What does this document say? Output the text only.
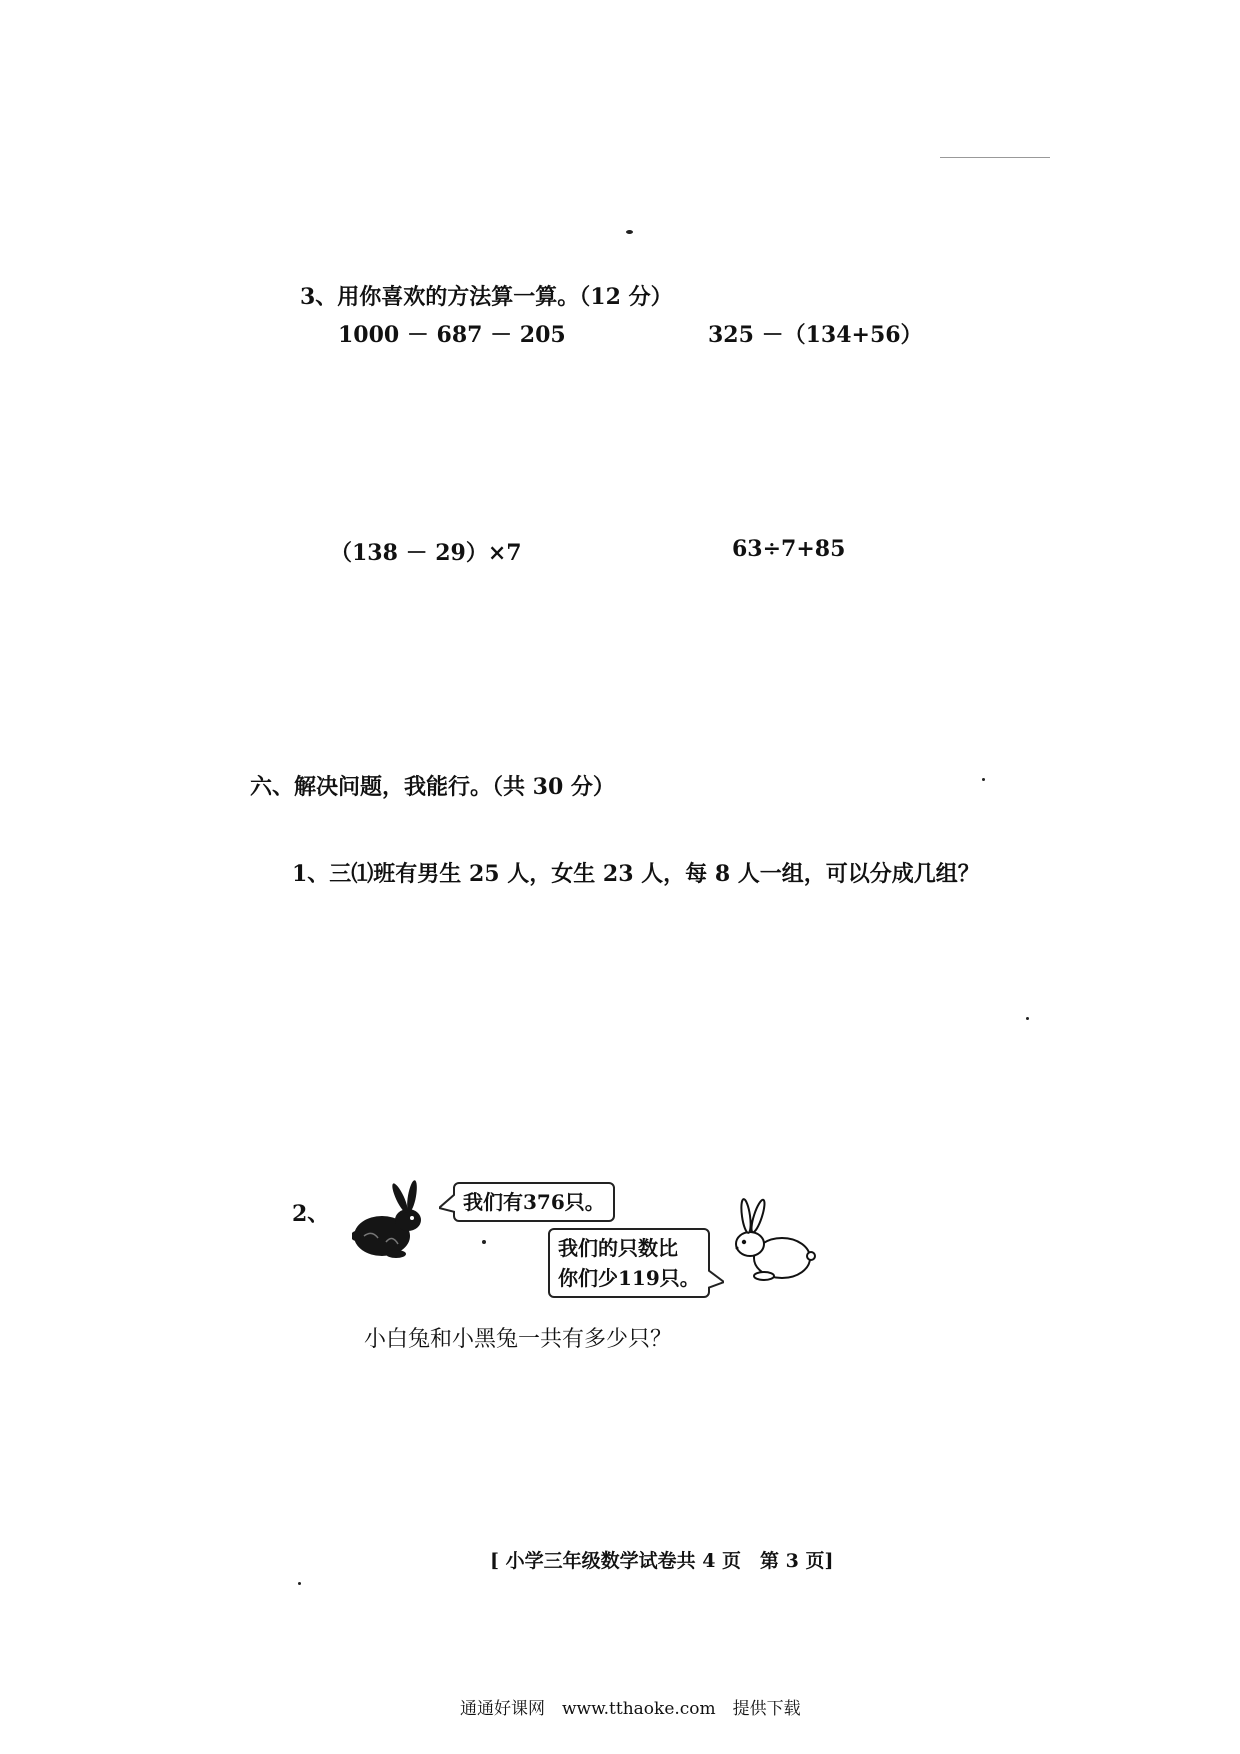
3、用你喜欢的方法算一算。（12 分）
1000 － 687 － 205	325 －（134+56）
（138 － 29）×7	63÷7+85
六、解决问题，我能行。（共 30 分）
1、三⑴班有男生 25 人，女生 23 人，每 8 人一组，可以分成几组？
2、	我们有376只。
我们的只数比
你们少119只。
小白兔和小黑兔一共有多少只？
[ 小学三年级数学试卷共 4 页　第 3 页]
通通好课网　www.tthaoke.com　提供下载
